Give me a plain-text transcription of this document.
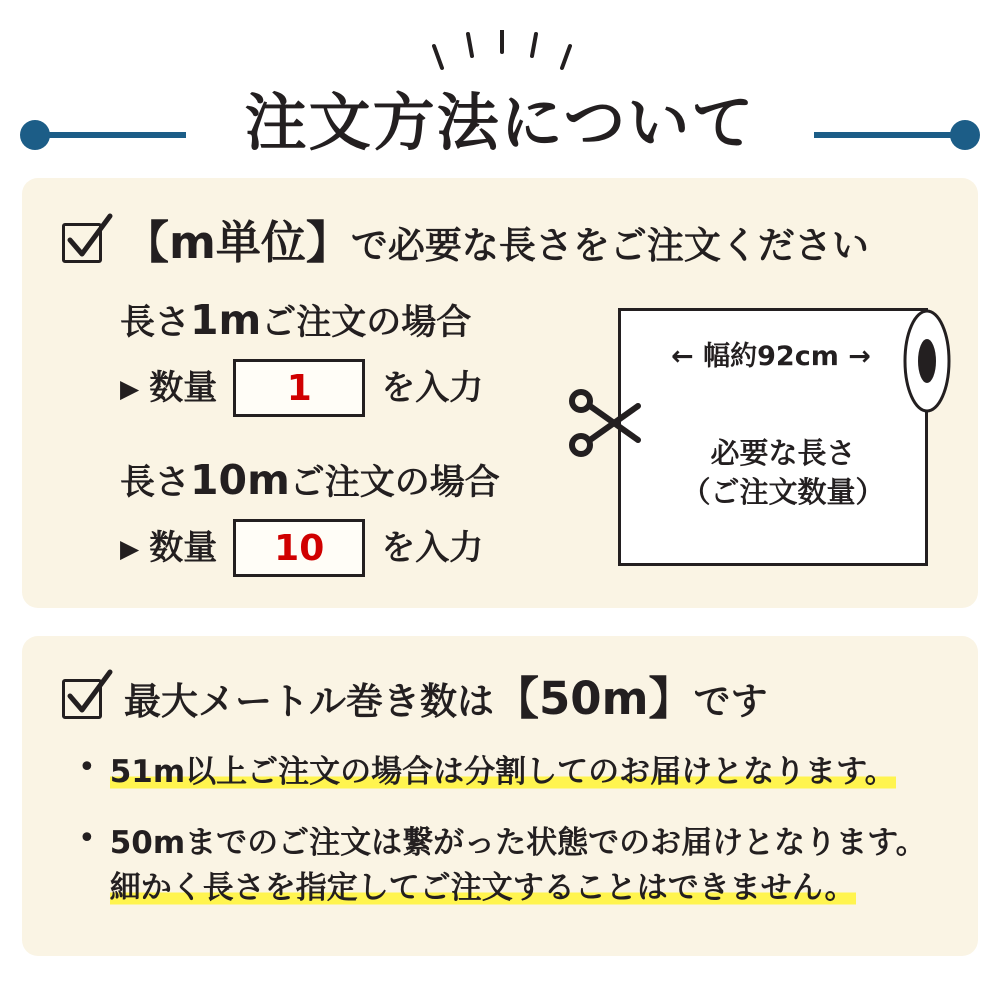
注文方法について
【m単位】で必要な長さをご注文ください
長さ1mご注文の場合
▶ 数量	1	を入力
長さ10mご注文の場合
▶ 数量	10	を入力
← 幅約92cm →
必要な長さ
（ご注文数量）
最大メートル巻き数は【50m】です
• 51m以上ご注文の場合は分割してのお届けとなります。
• 50mまでのご注文は繋がった状態でのお届けとなります。
細かく長さを指定してご注文することはできません。
